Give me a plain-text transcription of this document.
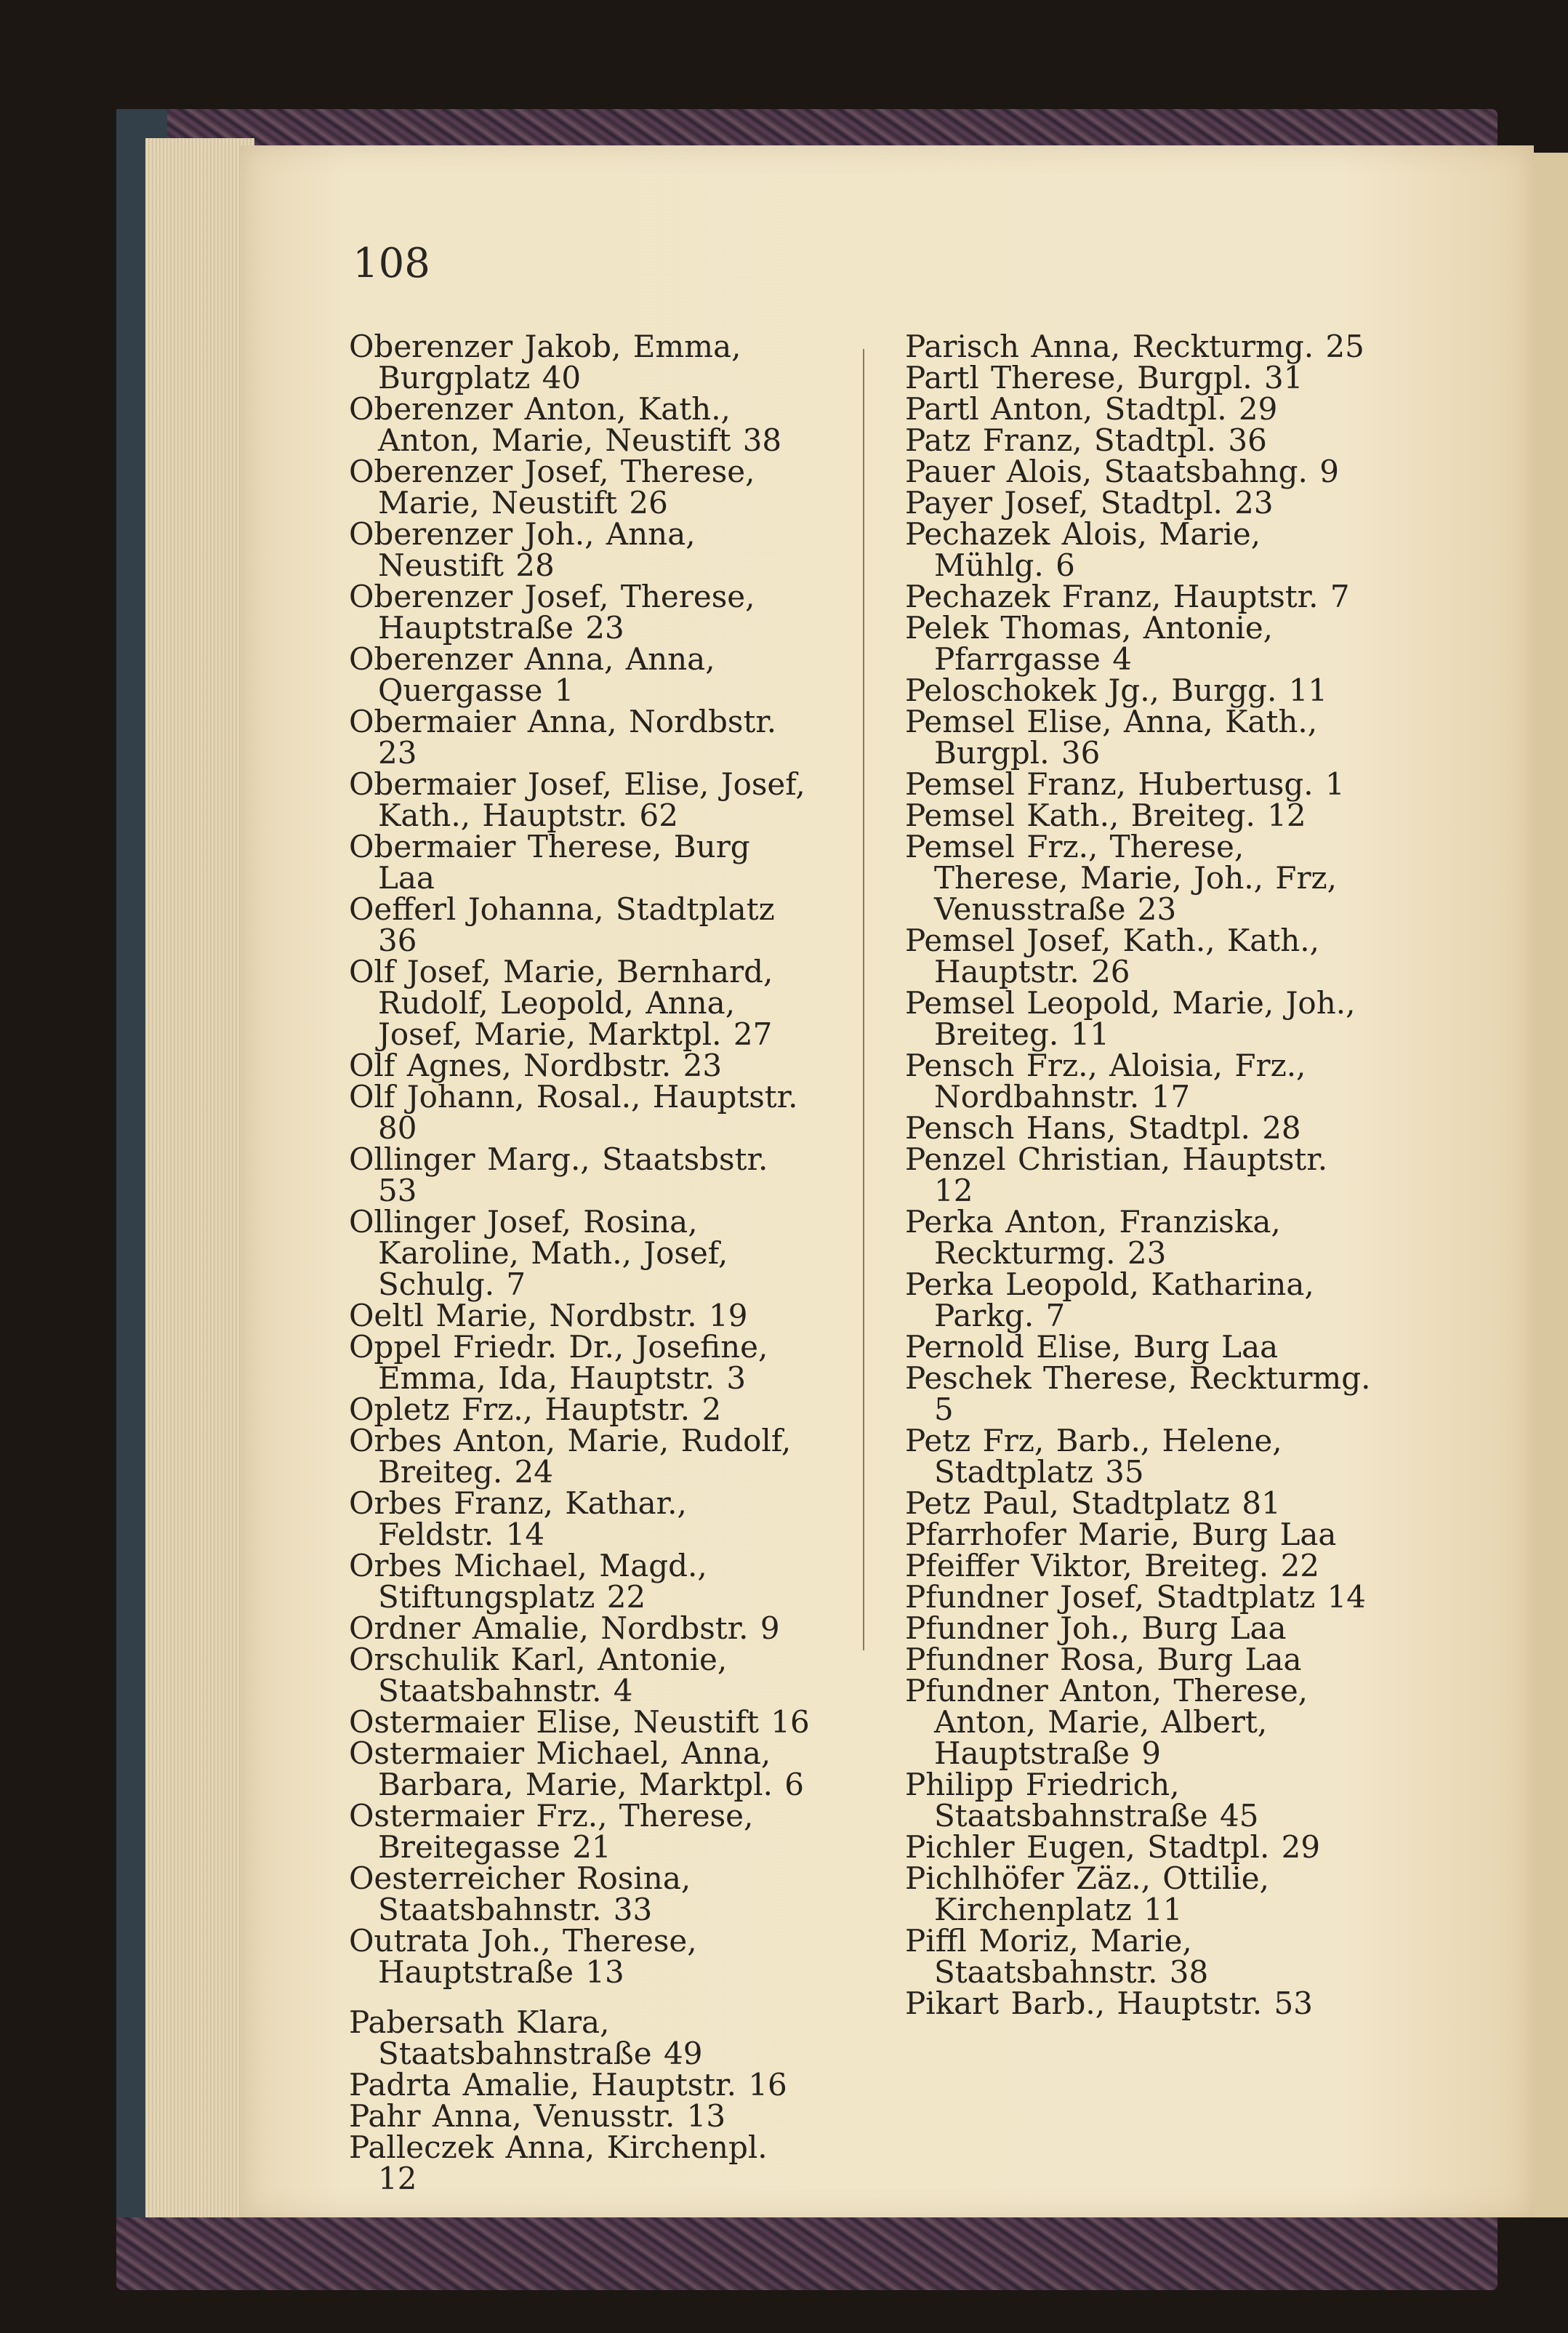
108

Oberenzer Jakob, Emma, Burgplatz 40

Oberenzer Anton, Kath., Anton, Marie, Neustift 38

Oberenzer Josef, Therese, Marie, Neustift 26

Oberenzer Joh., Anna, Neustift 28

Oberenzer Josef, Therese, Hauptstraße 23

Oberenzer Anna, Anna, Quergasse 1

Obermaier Anna, Nordbstr. 23

Obermaier Josef, Elise, Josef, Kath., Hauptstr. 62

Obermaier Therese, Burg Laa

Oefferl Johanna, Stadtplatz 36

Olf Josef, Marie, Bernhard, Rudolf, Leopold, Anna, Josef, Marie, Marktpl. 27

Olf Agnes, Nordbstr. 23

Olf Johann, Rosal., Hauptstr. 80

Ollinger Marg., Staatsbstr. 53

Ollinger Josef, Rosina, Karoline, Math., Josef, Schulg. 7

Oeltl Marie, Nordbstr. 19

Oppel Friedr. Dr., Josefine, Emma, Ida, Hauptstr. 3

Opletz Frz., Hauptstr. 2

Orbes Anton, Marie, Rudolf, Breiteg. 24

Orbes Franz, Kathar., Feldstr. 14

Orbes Michael, Magd., Stiftungsplatz 22

Ordner Amalie, Nordbstr. 9

Orschulik Karl, Antonie, Staatsbahnstr. 4

Ostermaier Elise, Neustift 16

Ostermaier Michael, Anna, Barbara, Marie, Marktpl. 6

Ostermaier Frz., Therese, Breitegasse 21

Oesterreicher Rosina, Staatsbahnstr. 33

Outrata Joh., Therese, Hauptstraße 13

Pabersath Klara, Staatsbahnstraße 49

Padrta Amalie, Hauptstr. 16

Pahr Anna, Venusstr. 13

Palleczek Anna, Kirchenpl. 12

Parisch Anna, Reckturmg. 25

Partl Therese, Burgpl. 31

Partl Anton, Stadtpl. 29

Patz Franz, Stadtpl. 36

Pauer Alois, Staatsbahng. 9

Payer Josef, Stadtpl. 23

Pechazek Alois, Marie, Mühlg. 6

Pechazek Franz, Hauptstr. 7

Pelek Thomas, Antonie, Pfarrgasse 4

Peloschokek Jg., Burgg. 11

Pemsel Elise, Anna, Kath., Burgpl. 36

Pemsel Franz, Hubertusg. 1

Pemsel Kath., Breiteg. 12

Pemsel Frz., Therese, Therese, Marie, Joh., Frz, Venusstraße 23

Pemsel Josef, Kath., Kath., Hauptstr. 26

Pemsel Leopold, Marie, Joh., Breiteg. 11

Pensch Frz., Aloisia, Frz., Nordbahnstr. 17

Pensch Hans, Stadtpl. 28

Penzel Christian, Hauptstr. 12

Perka Anton, Franziska, Reckturmg. 23

Perka Leopold, Katharina, Parkg. 7

Pernold Elise, Burg Laa

Peschek Therese, Reckturmg. 5

Petz Frz, Barb., Helene, Stadtplatz 35

Petz Paul, Stadtplatz 81

Pfarrhofer Marie, Burg Laa

Pfeiffer Viktor, Breiteg. 22

Pfundner Josef, Stadtplatz 14

Pfundner Joh., Burg Laa

Pfundner Rosa, Burg Laa

Pfundner Anton, Therese, Anton, Marie, Albert, Hauptstraße 9

Philipp Friedrich, Staatsbahnstraße 45

Pichler Eugen, Stadtpl. 29

Pichlhöfer Zäz., Ottilie, Kirchenplatz 11

Piffl Moriz, Marie, Staatsbahnstr. 38

Pikart Barb., Hauptstr. 53
